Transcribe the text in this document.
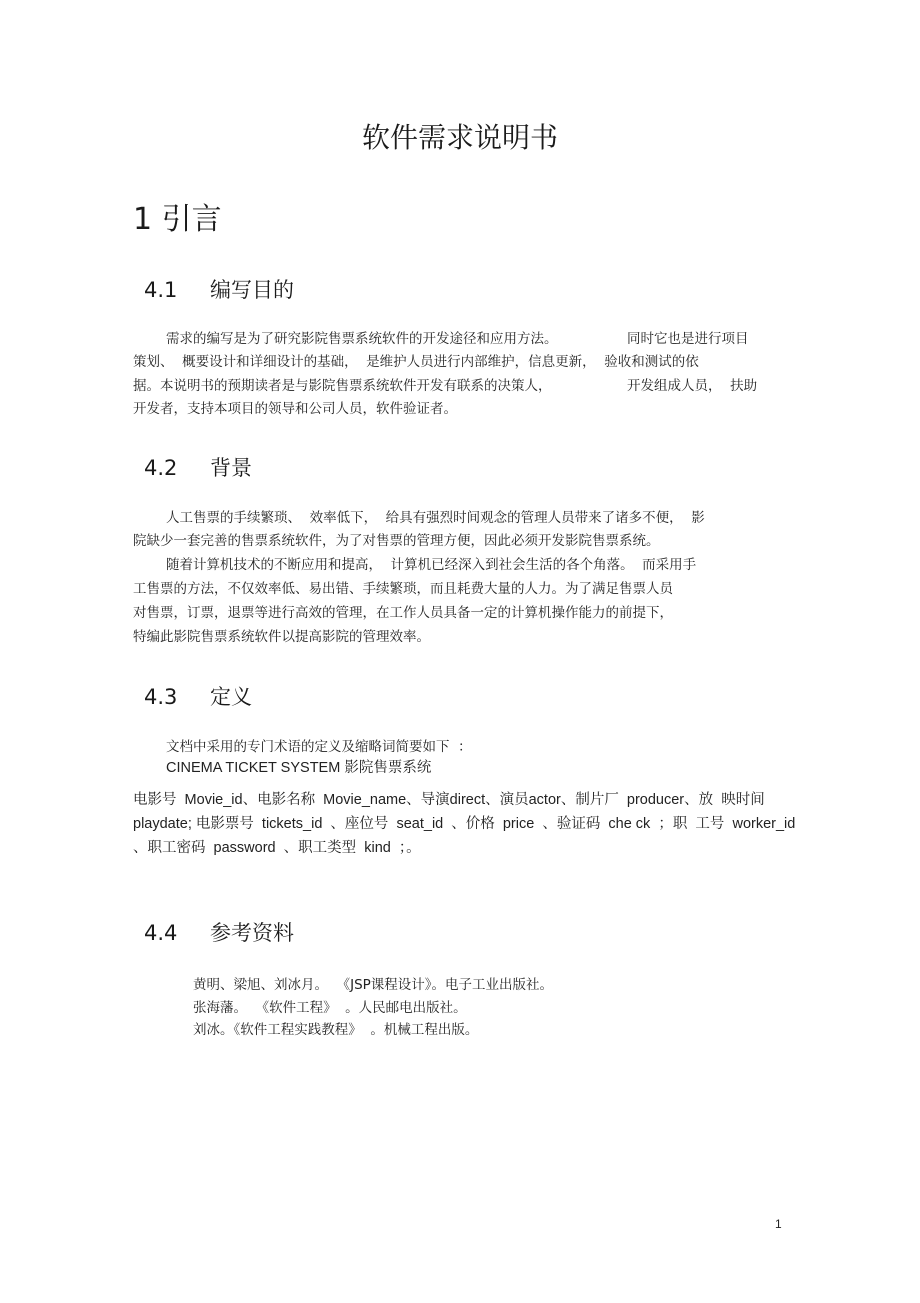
软件需求说明书
1 引言
4.1 编写目的
需求的编写是为了研究影院售票系统软件的开发途径和应用方法。	同时它也是进行项目
策划、  概要设计和详细设计的基础，  是维护人员进行内部维护，信息更新，  验收和测试的依
据。本说明书的预期读者是与影院售票系统软件开发有联系的决策人，	开发组成人员，  扶助
开发者，支持本项目的领导和公司人员，软件验证者。
4.2 背景
人工售票的手续繁琐、  效率低下，  给具有强烈时间观念的管理人员带来了诸多不便，  影
院缺少一套完善的售票系统软件，为了对售票的管理方便，因此必须开发影院售票系统。
随着计算机技术的不断应用和提高，  计算机已经深入到社会生活的各个角落。  而采用手
工售票的方法，不仅效率低、易出错、手续繁琐，而且耗费大量的人力。为了满足售票人员
对售票，订票，退票等进行高效的管理，在工作人员具备一定的计算机操作能力的前提下，
特编此影院售票系统软件以提高影院的管理效率。
4.3 定义
文档中采用的专门术语的定义及缩略词简要如下  ：
CINEMA TICKET SYSTEM 影院售票系统
电影号  Movie_id、电影名称  Movie_name、导演direct、演员actor、制片厂  producer、放  映时间
playdate; 电影票号  tickets_id  、座位号  seat_id  、价格  price  、验证码  che ck  ；职  工号  worker_id
、职工密码  password  、职工类型  kind  ；。
4.4 参考资料
黄明、梁旭、刘冰月。  《JSP课程设计》。电子工业出版社。
张海藩。  《软件工程》  。人民邮电出版社。
刘冰。《软件工程实践教程》  。机械工程出版。
1
